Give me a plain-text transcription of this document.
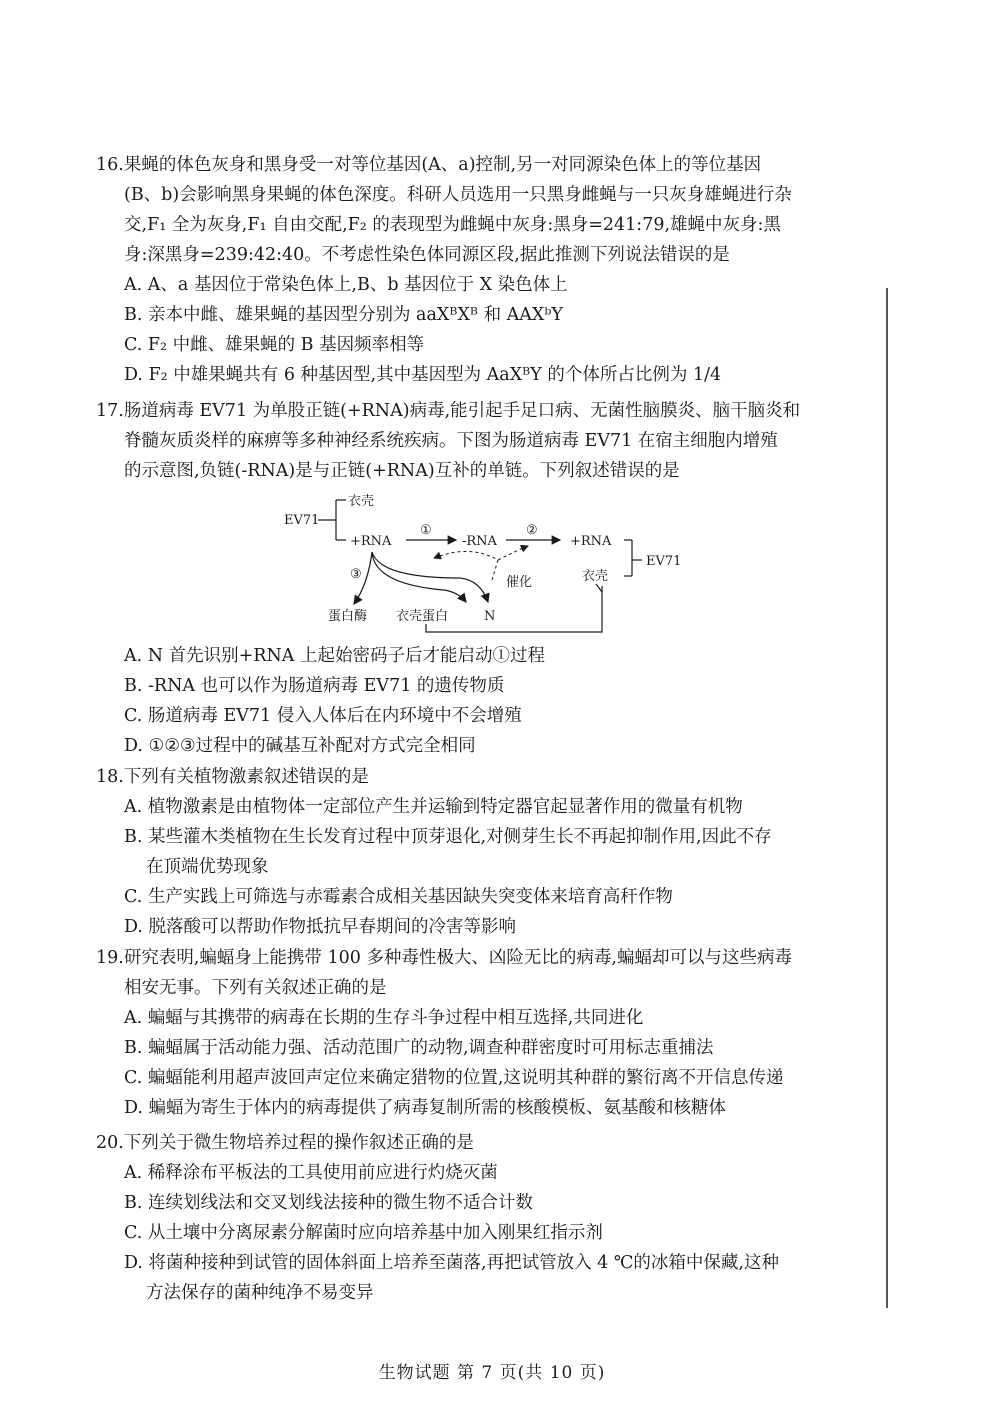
16.果蝇的体色灰身和黑身受一对等位基因(A、a)控制,另一对同源染色体上的等位基因

(B、b)会影响黑身果蝇的体色深度。科研人员选用一只黑身雌蝇与一只灰身雄蝇进行杂

交,F₁ 全为灰身,F₁ 自由交配,F₂ 的表现型为雌蝇中灰身:黑身=241:79,雄蝇中灰身:黑

身:深黑身=239:42:40。不考虑性染色体同源区段,据此推测下列说法错误的是

A. A、a 基因位于常染色体上,B、b 基因位于 X 染色体上

B. 亲本中雌、雄果蝇的基因型分别为 aaXᴮXᴮ 和 AAXᵇY

C. F₂ 中雌、雄果蝇的 B 基因频率相等

D. F₂ 中雄果蝇共有 6 种基因型,其中基因型为 AaXᴮY 的个体所占比例为 1/4

17.肠道病毒 EV71 为单股正链(+RNA)病毒,能引起手足口病、无菌性脑膜炎、脑干脑炎和

脊髓灰质炎样的麻痹等多种神经系统疾病。下图为肠道病毒 EV71 在宿主细胞内增殖

的示意图,负链(-RNA)是与正链(+RNA)互补的单链。下列叙述错误的是

EV71
衣壳
+RNA
①
-RNA
②
+RNA
EV71
衣壳
催化
③
蛋白酶 衣壳蛋白	N

A. N 首先识别+RNA 上起始密码子后才能启动①过程

B. -RNA 也可以作为肠道病毒 EV71 的遗传物质

C. 肠道病毒 EV71 侵入人体后在内环境中不会增殖

D. ①②③过程中的碱基互补配对方式完全相同

18.下列有关植物激素叙述错误的是

A. 植物激素是由植物体一定部位产生并运输到特定器官起显著作用的微量有机物

B. 某些灌木类植物在生长发育过程中顶芽退化,对侧芽生长不再起抑制作用,因此不存

在顶端优势现象

C. 生产实践上可筛选与赤霉素合成相关基因缺失突变体来培育高秆作物

D. 脱落酸可以帮助作物抵抗早春期间的冷害等影响

19.研究表明,蝙蝠身上能携带 100 多种毒性极大、凶险无比的病毒,蝙蝠却可以与这些病毒

相安无事。下列有关叙述正确的是

A. 蝙蝠与其携带的病毒在长期的生存斗争过程中相互选择,共同进化

B. 蝙蝠属于活动能力强、活动范围广的动物,调查种群密度时可用标志重捕法

C. 蝙蝠能利用超声波回声定位来确定猎物的位置,这说明其种群的繁衍离不开信息传递

D. 蝙蝠为寄生于体内的病毒提供了病毒复制所需的核酸模板、氨基酸和核糖体

20.下列关于微生物培养过程的操作叙述正确的是

A. 稀释涂布平板法的工具使用前应进行灼烧灭菌

B. 连续划线法和交叉划线法接种的微生物不适合计数

C. 从土壤中分离尿素分解菌时应向培养基中加入刚果红指示剂

D. 将菌种接种到试管的固体斜面上培养至菌落,再把试管放入 4 ℃的冰箱中保藏,这种

方法保存的菌种纯净不易变异

生物试题 第 7 页(共 10 页)
